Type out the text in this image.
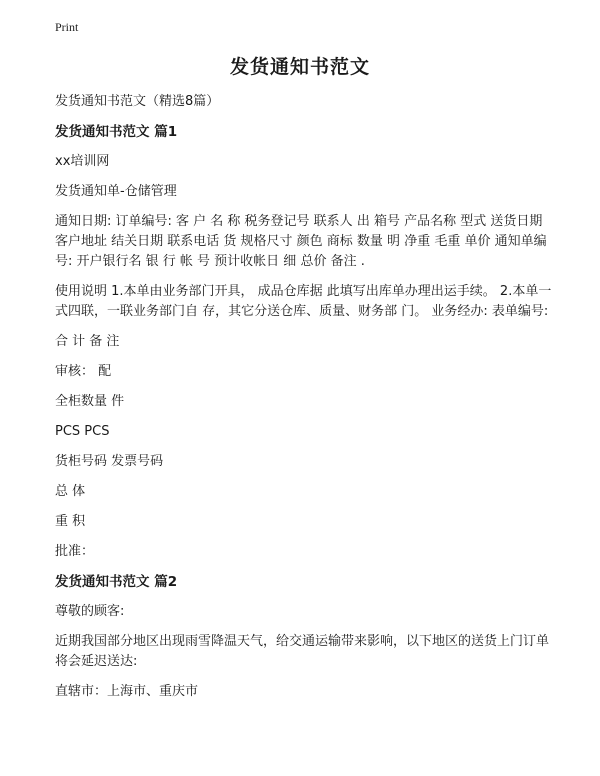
Print
发货通知书范文

发货通知书范文（精选8篇）

发货通知书范文 篇1

xx培训网

发货通知单-仓储管理

通知日期: 订单编号: 客 户 名 称 税务登记号 联系人 出 箱号 产品名称 型式 送货日期 客户地址 结关日期 联系电话 货 规格尺寸 颜色 商标 数量 明 净重 毛重 单价 通知单编号: 开户银行名 银 行 帐 号 预计收帐日 细 总价 备注 .

使用说明 1.本单由业务部门开具， 成品仓库据 此填写出库单办理出运手续。 2.本单一式四联，一联业务部门自 存，其它分送仓库、质量、财务部 门。 业务经办: 表单编号:

合 计 备 注

审核： 配

全柜数量 件

PCS PCS

货柜号码 发票号码

总 体

重 积

批准：

发货通知书范文 篇2

尊敬的顾客:

近期我国部分地区出现雨雪降温天气，给交通运输带来影响，以下地区的送货上门订单将会延迟送达:

直辖市：上海市、重庆市
